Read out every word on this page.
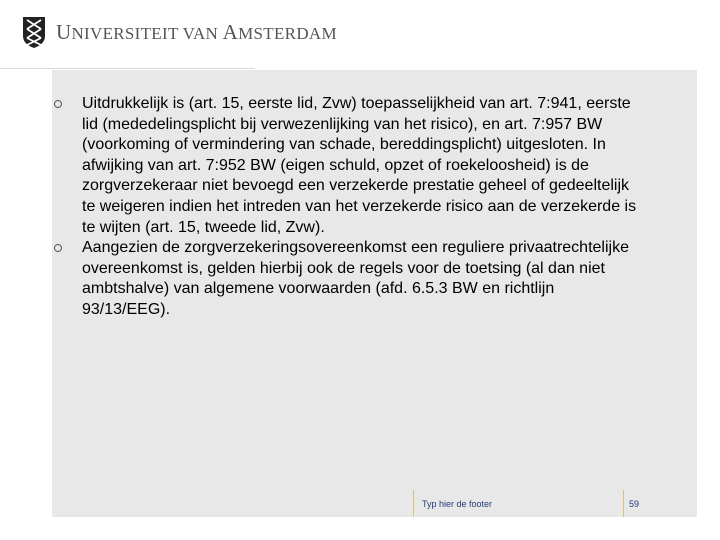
UNIVERSITEIT VAN AMSTERDAM
Uitdrukkelijk is (art. 15, eerste lid, Zvw) toepasselijkheid van art. 7:941, eerste lid (mededelingsplicht bij verwezenlijking van het risico), en art. 7:957 BW (voorkoming of vermindering van schade, bereddingsplicht) uitgesloten. In afwijking van art. 7:952 BW (eigen schuld, opzet of roekeloosheid) is de zorgverzekeraar niet bevoegd een verzekerde prestatie geheel of gedeeltelijk te weigeren indien het intreden van het verzekerde risico aan de verzekerde is te wijten (art. 15, tweede lid, Zvw).
Aangezien de zorgverzekeringsovereenkomst een reguliere privaatrechtelijke overeenkomst is, gelden hierbij ook de regels voor de toetsing (al dan niet ambtshalve) van algemene voorwaarden (afd. 6.5.3 BW en richtlijn 93/13/EEG).
Typ hier de footer	59
